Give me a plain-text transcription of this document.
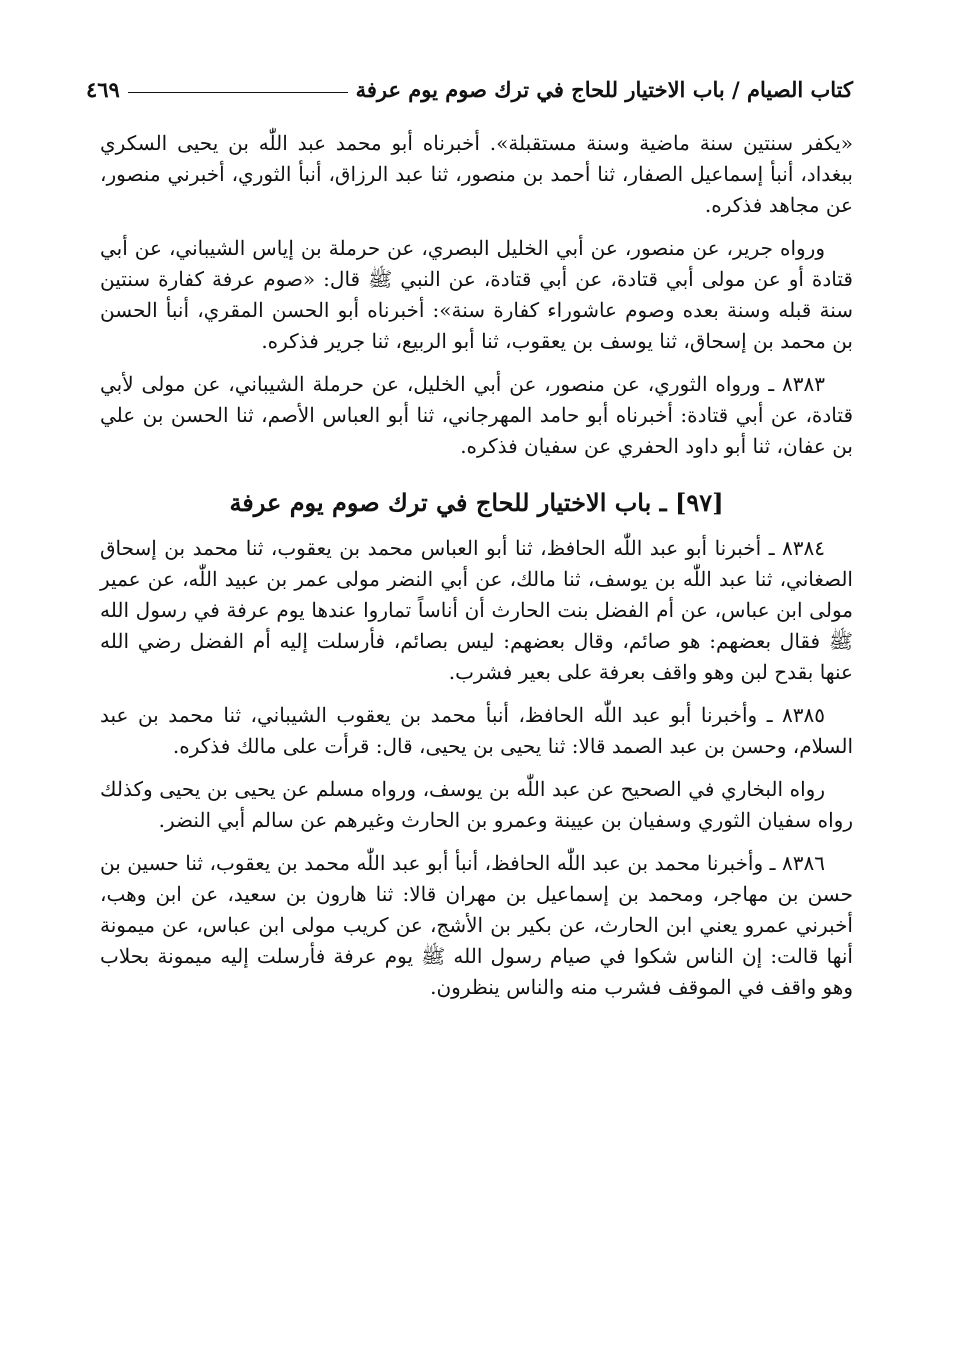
كتاب الصيام / باب الاختيار للحاج في ترك صوم يوم عرفة
٤٦٩

«يكفر سنتين سنة ماضية وسنة مستقبلة». أخبرناه أبو محمد عبد اللّٰه بن يحيى السكري ببغداد، أنبأ إسماعيل الصفار، ثنا أحمد بن منصور، ثنا عبد الرزاق، أنبأ الثوري، أخبرني منصور، عن مجاهد فذكره.

ورواه جرير، عن منصور، عن أبي الخليل البصري، عن حرملة بن إياس الشيباني، عن أبي قتادة أو عن مولى أبي قتادة، عن أبي قتادة، عن النبي ﷺ قال: «صوم عرفة كفارة سنتين سنة قبله وسنة بعده وصوم عاشوراء كفارة سنة»: أخبرناه أبو الحسن المقري، أنبأ الحسن بن محمد بن إسحاق، ثنا يوسف بن يعقوب، ثنا أبو الربيع، ثنا جرير فذكره.

٨٣٨٣ ـ ورواه الثوري، عن منصور، عن أبي الخليل، عن حرملة الشيباني، عن مولى لأبي قتادة، عن أبي قتادة: أخبرناه أبو حامد المهرجاني، ثنا أبو العباس الأصم، ثنا الحسن بن علي بن عفان، ثنا أبو داود الحفري عن سفيان فذكره.

[٩٧] ـ باب الاختيار للحاج في ترك صوم يوم عرفة

٨٣٨٤ ـ أخبرنا أبو عبد اللّٰه الحافظ، ثنا أبو العباس محمد بن يعقوب، ثنا محمد بن إسحاق الصغاني، ثنا عبد اللّٰه بن يوسف، ثنا مالك، عن أبي النضر مولى عمر بن عبيد اللّٰه، عن عمير مولى ابن عباس، عن أم الفضل بنت الحارث أن أناساً تماروا عندها يوم عرفة في رسول الله ﷺ فقال بعضهم: هو صائم، وقال بعضهم: ليس بصائم، فأرسلت إليه أم الفضل رضي الله عنها بقدح لبن وهو واقف بعرفة على بعير فشرب.

٨٣٨٥ ـ وأخبرنا أبو عبد اللّٰه الحافظ، أنبأ محمد بن يعقوب الشيباني، ثنا محمد بن عبد السلام، وحسن بن عبد الصمد قالا: ثنا يحيى بن يحيى، قال: قرأت على مالك فذكره.

رواه البخاري في الصحيح عن عبد اللّٰه بن يوسف، ورواه مسلم عن يحيى بن يحيى وكذلك رواه سفيان الثوري وسفيان بن عيينة وعمرو بن الحارث وغيرهم عن سالم أبي النضر.

٨٣٨٦ ـ وأخبرنا محمد بن عبد اللّٰه الحافظ، أنبأ أبو عبد اللّٰه محمد بن يعقوب، ثنا حسين بن حسن بن مهاجر، ومحمد بن إسماعيل بن مهران قالا: ثنا هارون بن سعيد، عن ابن وهب، أخبرني عمرو يعني ابن الحارث، عن بكير بن الأشج، عن كريب مولى ابن عباس، عن ميمونة أنها قالت: إن الناس شكوا في صيام رسول الله ﷺ يوم عرفة فأرسلت إليه ميمونة بحلاب وهو واقف في الموقف فشرب منه والناس ينظرون.
